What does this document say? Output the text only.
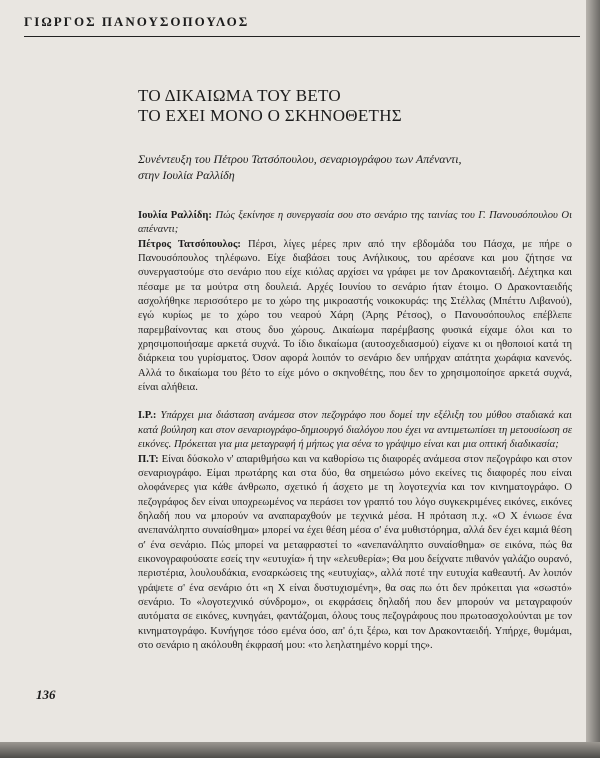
ΓΙΩΡΓΟΣ ΠΑΝΟΥΣΟΠΟΥΛΟΣ
ΤΟ ΔΙΚΑΙΩΜΑ ΤΟΥ ΒΕΤΟ
ΤΟ ΕΧΕΙ ΜΟΝΟ Ο ΣΚΗΝΟΘΕΤΗΣ

Συνέντευξη του Πέτρου Τατσόπουλου, σεναριογράφου των Απέναντι,
στην Ιουλία Ραλλίδη

Ιουλία Ραλλίδη: Πώς ξεκίνησε η συνεργασία σου στο σενάριο της ταινίας του Γ. Πανουσόπουλου Οι απέναντι;

Πέτρος Τατσόπουλος: Πέρσι, λίγες μέρες πριν από την εβδομάδα του Πάσχα, με πήρε ο Πανουσόπουλος τηλέφωνο. Είχε διαβάσει τους Ανήλικους, του αρέσανε και μου ζήτησε να συνεργαστούμε στο σενάριο που είχε κιόλας αρχίσει να γράφει με τον Δρακονταειδή. Δέχτηκα και πέσαμε με τα μούτρα στη δουλειά. Αρχές Ιουνίου το σενάριο ήταν έτοιμο. Ο Δρακονταειδής ασχολήθηκε περισσότερο με το χώρο της μικροαστής νοικοκυράς: της Στέλλας (Μπέττυ Λιβανού), εγώ κυρίως με το χώρο του νεαρού Χάρη (Άρης Ρέτσος), ο Πανουσόπουλος επέβλεπε παρεμβαίνοντας και στους δυο χώρους. Δικαίωμα παρέμβασης φυσικά είχαμε όλοι και το χρησιμοποιήσαμε αρκετά συχνά. Το ίδιο δικαίωμα (αυτοσχεδιασμού) είχανε κι οι ηθοποιοί κατά τη διάρκεια του γυρίσματος. Όσον αφορά λοιπόν το σενάριο δεν υπήρχαν απάτητα χωράφια κανενός. Αλλά το δικαίωμα του βέτο το είχε μόνο ο σκηνοθέτης, που δεν το χρησιμοποίησε αρκετά συχνά, είναι αλήθεια.

Ι.Ρ.: Υπάρχει μια διάσταση ανάμεσα στον πεζογράφο που δομεί την εξέλιξη του μύθου σταδιακά και κατά βούληση και στον σεναριογράφο-δημιουργό διαλόγου που έχει να αντιμετωπίσει τη μετουσίωση σε εικόνες. Πρόκειται για μια μεταγραφή ή μήπως για σένα το γράψιμο είναι και μια οπτική διαδικασία;

Π.Τ: Είναι δύσκολο ν' απαριθμήσω και να καθορίσω τις διαφορές ανάμεσα στον πεζογράφο και στον σεναριογράφο. Είμαι πρωτάρης και στα δύο, θα σημειώσω μόνο εκείνες τις διαφορές που είναι ολοφάνερες για κάθε άνθρωπο, σχετικό ή άσχετο με τη λογοτεχνία και τον κινηματογράφο. Ο πεζογράφος δεν είναι υποχρεωμένος να περάσει τον γραπτό του λόγο συγκεκριμένες εικόνες, εικόνες δηλαδή που να μπορούν να αναπαραχθούν με τεχνικά μέσα. Η πρόταση π.χ. «Ο Χ ένιωσε ένα ανεπανάληπτο συναίσθημα» μπορεί να έχει θέση μέσα σ' ένα μυθιστόρημα, αλλά δεν έχει καμιά θέση σ' ένα σενάριο. Πώς μπορεί να μεταφραστεί το «ανεπανάληπτο συναίσθημα» σε εικόνα, πώς θα εικονογραφούσατε εσείς την «ευτυχία» ή την «ελευθερία»; Θα μου δείχνατε πιθανόν γαλάζιο ουρανό, περιστέρια, λουλουδάκια, ενσαρκώσεις της «ευτυχίας», αλλά ποτέ την ευτυχία καθεαυτή. Αν λοιπόν γράψετε σ' ένα σενάριο ότι «η Χ είναι δυστυχισμένη», θα σας πω ότι δεν πρόκειται για «σωστό» σενάριο. Το «λογοτεχνικό σύνδρομο», οι εκφράσεις δηλαδή που δεν μπορούν να μεταγραφούν αυτόματα σε εικόνες, κυνηγάει, φαντάζομαι, όλους τους πεζογράφους που πρωτοασχολούνται με τον κινηματογράφο. Κυνήγησε τόσο εμένα όσο, απ' ό,τι ξέρω, και τον Δρακονταειδή. Υπήρχε, θυμάμαι, στο σενάριο η ακόλουθη έκφρασή μου: «το λεηλατημένο κορμί της».

136
